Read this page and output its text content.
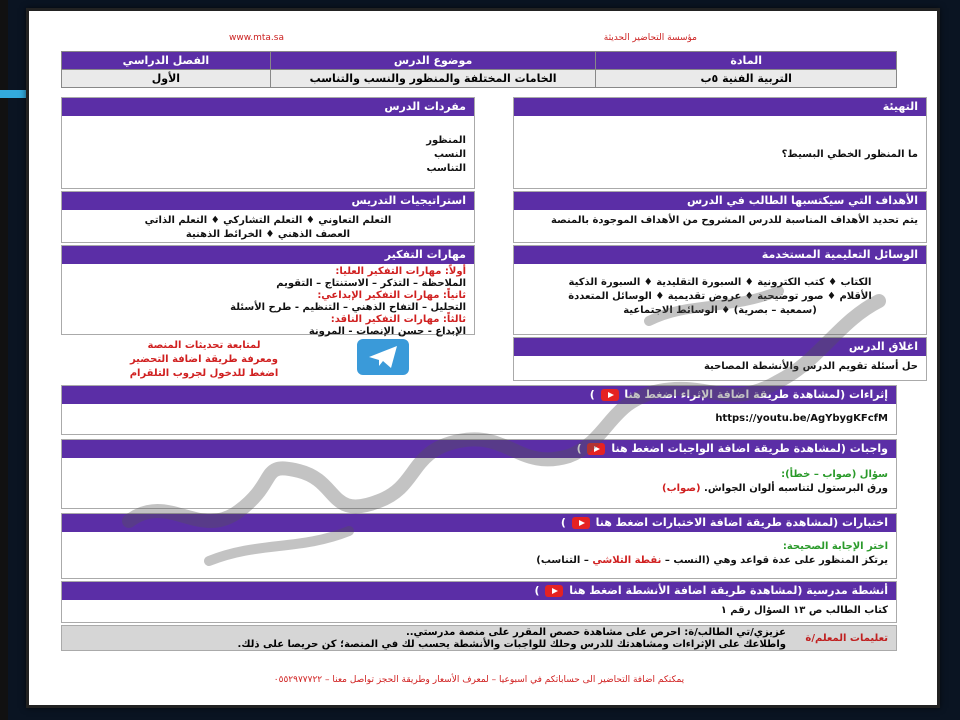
مؤسسة التحاضير الحديثة
www.mta.sa
المادة	موضوع الدرس	الفصل الدراسي
التربية الفنية ٥ب	الخامات المختلفة والمنظور والنسب والتناسب	الأول
التهيئة
ما المنظور الخطي البسيط؟
مفردات الدرس
المنظور
النسب
التناسب
الأهداف التي سيكتسبها الطالب في الدرس
يتم تحديد الأهداف المناسبة للدرس المشروح من الأهداف الموجودة بالمنصة
استراتيجيات التدريس
التعلم التعاوني ♦ التعلم التشاركي ♦ التعلم الذاتي
العصف الذهني ♦ الخرائط الذهنية
الوسائل التعليمية المستخدمة
الكتاب ♦ كتب الكترونية ♦ السبورة التقليدية ♦ السبورة الذكية
الأقلام ♦ صور توضيحية ♦ عروض تقديمية ♦ الوسائل المتعددة
(سمعية – بصرية) ♦ الوسائط الاجتماعية
مهارات التفكير
أولاً: مهارات التفكير العليا:
الملاحظة – التذكر – الاستنتاج – التقويم
ثانياً: مهارات التفكير الإبداعي:
التحليل – التفاح الذهني – التنظيم - طرح الأسئلة
ثالثاً: مهارات التفكير الناقد:
الإبداع - حسن الإنصات - المرونة
اغلاق الدرس
حل أسئلة تقويم الدرس والأنشطة المصاحبة
لمتابعة تحديثات المنصة
ومعرفة طريقة اضافة التحضير
اضغط للدخول لجروب التلقرام
إثراءات (لمشاهدة طريقة اضافة الإثراء اضغط هنا  )
https://youtu.be/AgYbygKFcfM
واجبات (لمشاهدة طريقة اضافة الواجبات اضغط هنا  )
سؤال (صواب – خطأ):
ورق البرستول لتناسبه ألوان الجواش. (صواب)
اختبارات (لمشاهدة طريقة اضافة الاختبارات اضغط هنا  )
اختر الإجابة الصحيحة:
يرتكز المنظور على عدة قواعد وهي (النسب – نقطة التلاشي – التناسب)
أنشطة مدرسية (لمشاهدة طريقة اضافة الأنشطة اضغط هنا  )
كتاب الطالب ص ١٣ السؤال رقم ١
تعليمات المعلم/ة
عزيزي/تي الطالب/ة: احرص على مشاهدة حصص المقرر على منصة مدرستي..
واطلاعك على الإثراءات ومشاهدتك للدرس وحلك للواجبات والأنشطة يحسب لك في المنصة؛ كن حريصا على ذلك.
يمكنكم اضافة التحاضير الى حساباتكم في اسبوعيا – لمعرف الأسعار وطريقة الحجز تواصل معنا – ٠٥٥٢٩٧٧٧٢٢
